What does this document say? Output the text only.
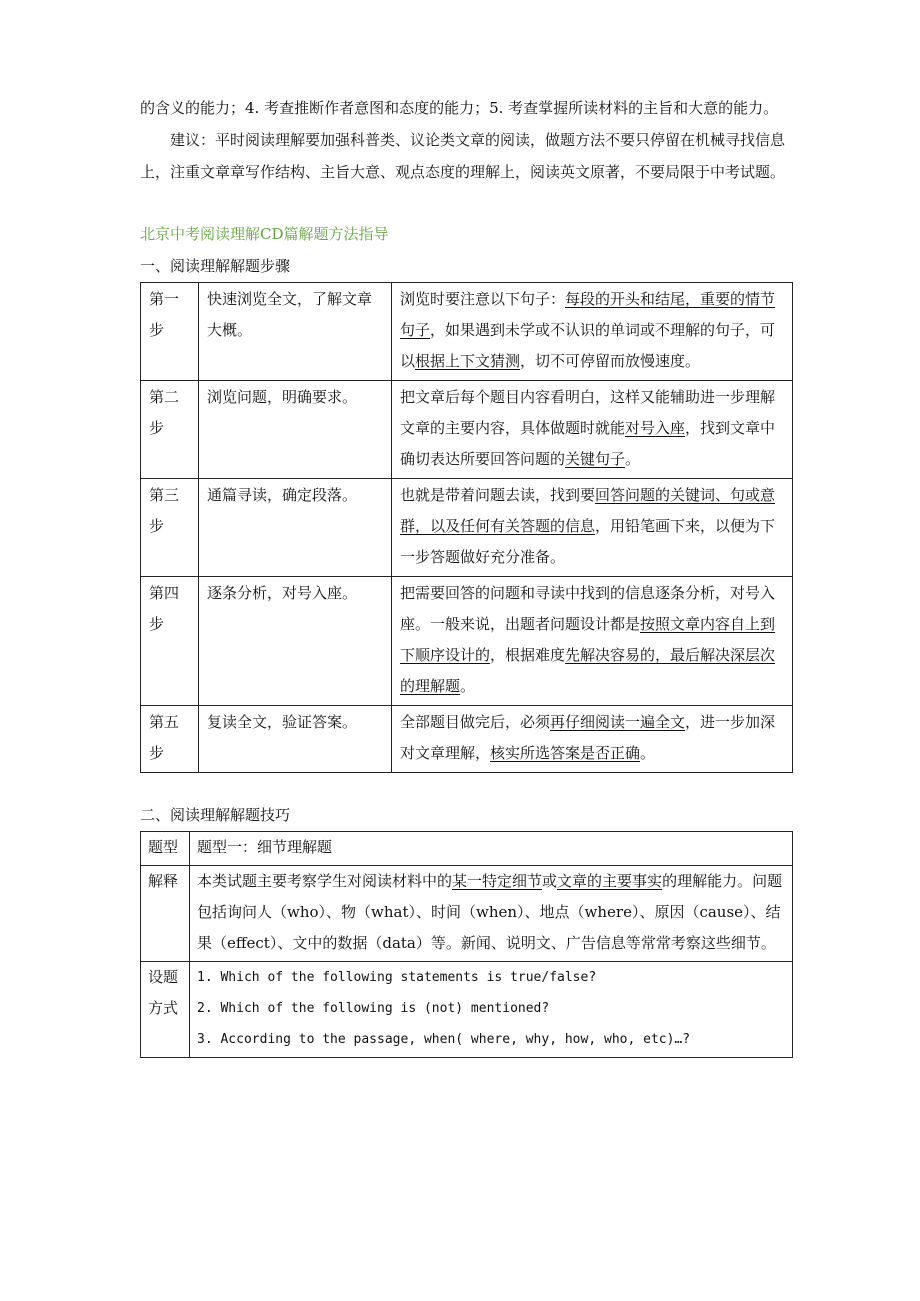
的含义的能力；4. 考查推断作者意图和态度的能力；5. 考查掌握所读材料的主旨和大意的能力。

建议：平时阅读理解要加强科普类、议论类文章的阅读，做题方法不要只停留在机械寻找信息上，注重文章章写作结构、主旨大意、观点态度的理解上，阅读英文原著，不要局限于中考试题。

北京中考阅读理解CD篇解题方法指导

一、阅读理解解题步骤

第一步	快速浏览全文，了解文章大概。	浏览时要注意以下句子：每段的开头和结尾，重要的情节句子，如果遇到未学或不认识的单词或不理解的句子，可以根据上下文猜测，切不可停留而放慢速度。
第二步	浏览问题，明确要求。	把文章后每个题目内容看明白，这样又能辅助进一步理解文章的主要内容，具体做题时就能对号入座，找到文章中确切表达所要回答问题的关键句子。
第三步	通篇寻读，确定段落。	也就是带着问题去读，找到要回答问题的关键词、句或意群，以及任何有关答题的信息，用铅笔画下来，以便为下一步答题做好充分准备。
第四步	逐条分析，对号入座。	把需要回答的问题和寻读中找到的信息逐条分析，对号入座。一般来说，出题者问题设计都是按照文章内容自上到下顺序设计的，根据难度先解决容易的，最后解决深层次的理解题。
第五步	复读全文，验证答案。	全部题目做完后，必须再仔细阅读一遍全文，进一步加深对文章理解，核实所选答案是否正确。

二、阅读理解解题技巧

题型	题型一：细节理解题
解释	本类试题主要考察学生对阅读材料中的某一特定细节或文章的主要事实的理解能力。问题包括询问人（who）、物（what）、时间（when）、地点（where）、原因（cause）、结果（effect）、文中的数据（data）等。新闻、说明文、广告信息等常常考察这些细节。
设题方式	1. Which of the following statements is true/false?
2. Which of the following is (not) mentioned?
3. According to the passage, when( where, why, how, who, etc)…?
